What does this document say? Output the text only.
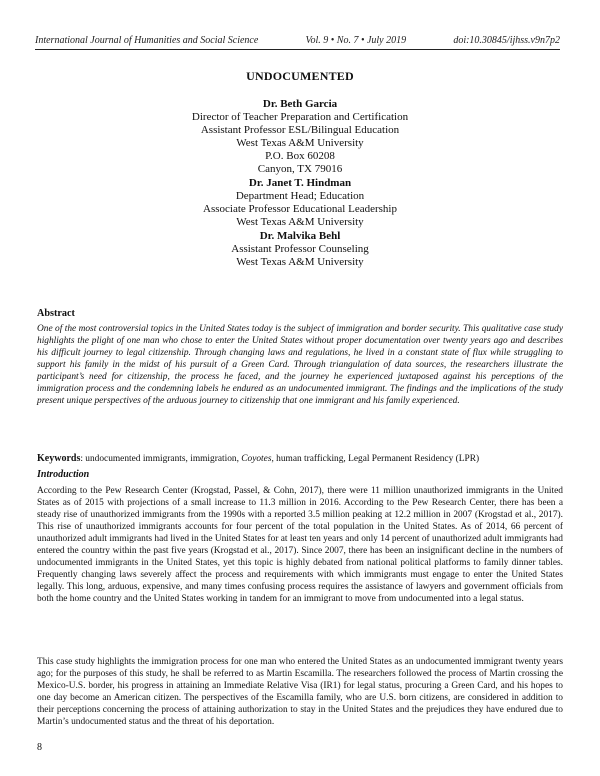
International Journal of Humanities and Social Science	Vol. 9 • No. 7 • July 2019	doi:10.30845/ijhss.v9n7p2
UNDOCUMENTED
Dr. Beth Garcia
Director of Teacher Preparation and Certification
Assistant Professor ESL/Bilingual Education
West Texas A&M University
P.O. Box 60208
Canyon, TX 79016
Dr. Janet T. Hindman
Department Head; Education
Associate Professor Educational Leadership
West Texas A&M University
Dr. Malvika Behl
Assistant Professor Counseling
West Texas A&M University
Abstract

One of the most controversial topics in the United States today is the subject of immigration and border security. This qualitative case study highlights the plight of one man who chose to enter the United States without proper documentation over twenty years ago and describes his difficult journey to legal citizenship. Through changing laws and regulations, he lived in a constant state of flux while struggling to support his family in the midst of his pursuit of a Green Card. Through triangulation of data sources, the researchers illustrate the participant’s need for citizenship, the process he faced, and the journey he experienced juxtaposed against his perceptions of the immigration process and the condemning labels he endured as an undocumented immigrant. The findings and the implications of the study present unique perspectives of the arduous journey to citizenship that one immigrant and his family experienced.

Keywords: undocumented immigrants, immigration, Coyotes, human trafficking, Legal Permanent Residency (LPR)
Introduction

According to the Pew Research Center (Krogstad, Passel, & Cohn, 2017), there were 11 million unauthorized immigrants in the United States as of 2015 with projections of a small increase to 11.3 million in 2016. According to the Pew Research Center, there has been a steady rise of unauthorized immigrants from the 1990s with a reported 3.5 million peaking at 12.2 million in 2007 (Krogstad et al., 2017). This rise of unauthorized immigrants accounts for four percent of the total population in the United States. As of 2014, 66 percent of unauthorized adult immigrants had lived in the United States for at least ten years and only 14 percent of unauthorized adult immigrants had entered the country within the past five years (Krogstad et al., 2017). Since 2007, there has been an insignificant decline in the numbers of undocumented immigrants in the United States, yet this topic is highly debated from national political platforms to family dinner tables. Frequently changing laws severely affect the process and requirements with which immigrants must engage to enter the United States legally. This long, arduous, expensive, and many times confusing process requires the assistance of lawyers and government officials from both the home country and the United States working in tandem for an immigrant to move from undocumented into a legal status.

This case study highlights the immigration process for one man who entered the United States as an undocumented immigrant twenty years ago; for the purposes of this study, he shall be referred to as Martin Escamilla. The researchers followed the process of Martin crossing the Mexico-U.S. border, his progress in attaining an Immediate Relative Visa (IR1) for legal status, procuring a Green Card, and his hopes to one day become an American citizen. The perspectives of the Escamilla family, who are U.S. born citizens, are considered in addition to their perceptions concerning the process of attaining authorization to stay in the United States and the prejudices they have endured due to Martin’s undocumented status and the threat of his deportation.

8
